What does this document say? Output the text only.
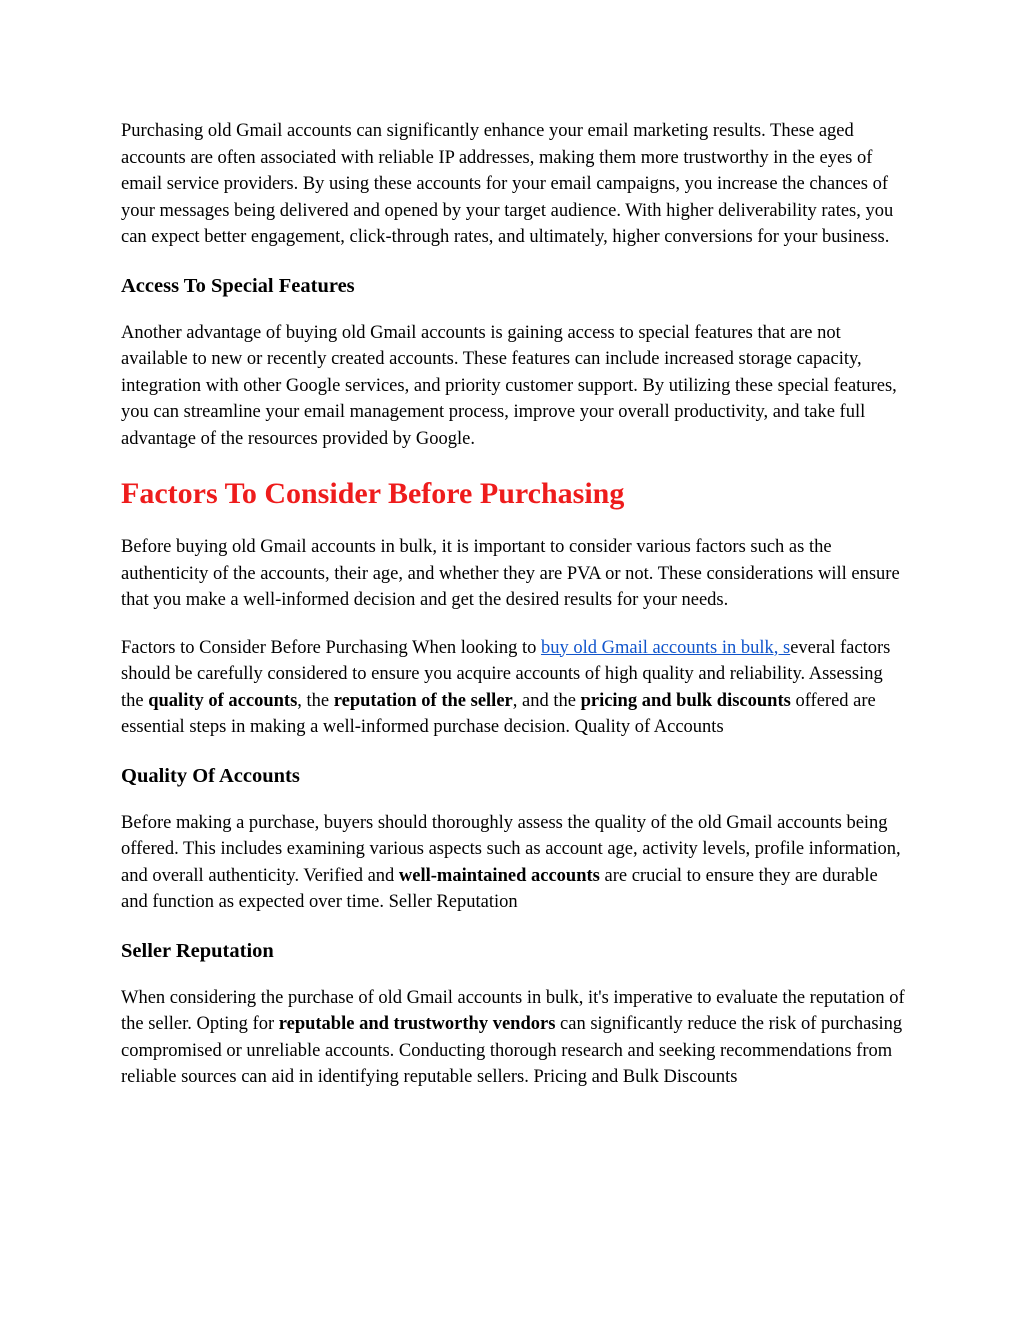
Purchasing old Gmail accounts can significantly enhance your email marketing results. These aged accounts are often associated with reliable IP addresses, making them more trustworthy in the eyes of email service providers. By using these accounts for your email campaigns, you increase the chances of your messages being delivered and opened by your target audience. With higher deliverability rates, you can expect better engagement, click-through rates, and ultimately, higher conversions for your business.

Access To Special Features

Another advantage of buying old Gmail accounts is gaining access to special features that are not available to new or recently created accounts. These features can include increased storage capacity, integration with other Google services, and priority customer support. By utilizing these special features, you can streamline your email management process, improve your overall productivity, and take full advantage of the resources provided by Google.

Factors To Consider Before Purchasing

Before buying old Gmail accounts in bulk, it is important to consider various factors such as the authenticity of the accounts, their age, and whether they are PVA or not. These considerations will ensure that you make a well-informed decision and get the desired results for your needs.

Factors to Consider Before Purchasing When looking to buy old Gmail accounts in bulk, several factors should be carefully considered to ensure you acquire accounts of high quality and reliability. Assessing the quality of accounts, the reputation of the seller, and the pricing and bulk discounts offered are essential steps in making a well-informed purchase decision. Quality of Accounts

Quality Of Accounts

Before making a purchase, buyers should thoroughly assess the quality of the old Gmail accounts being offered. This includes examining various aspects such as account age, activity levels, profile information, and overall authenticity. Verified and well-maintained accounts are crucial to ensure they are durable and function as expected over time. Seller Reputation

Seller Reputation

When considering the purchase of old Gmail accounts in bulk, it's imperative to evaluate the reputation of the seller. Opting for reputable and trustworthy vendors can significantly reduce the risk of purchasing compromised or unreliable accounts. Conducting thorough research and seeking recommendations from reliable sources can aid in identifying reputable sellers. Pricing and Bulk Discounts
